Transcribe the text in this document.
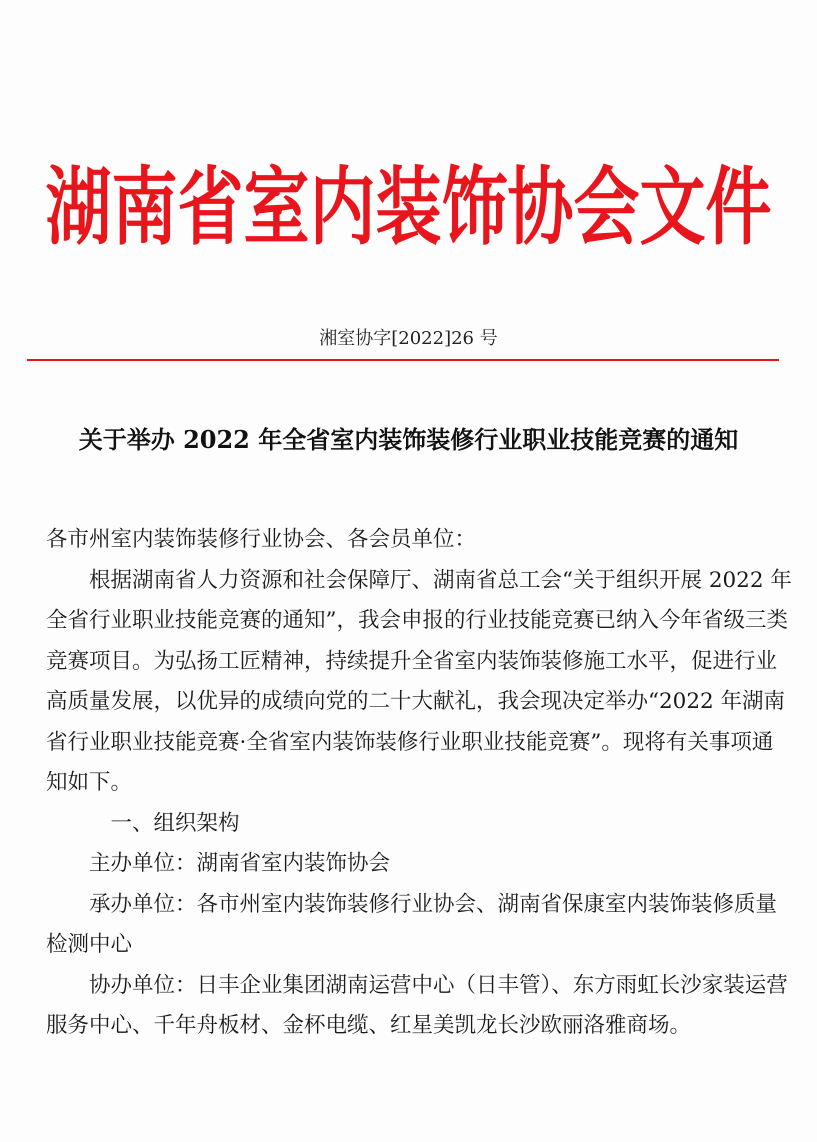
湖南省室内装饰协会文件
湘室协字[2022]26 号
关于举办 2022 年全省室内装饰装修行业职业技能竞赛的通知

各市州室内装饰装修行业协会、各会员单位：

根据湖南省人力资源和社会保障厅、湖南省总工会“关于组织开展 2022 年全省行业职业技能竞赛的通知”，我会申报的行业技能竞赛已纳入今年省级三类竞赛项目。为弘扬工匠精神，持续提升全省室内装饰装修施工水平，促进行业高质量发展，以优异的成绩向党的二十大献礼，我会现决定举办“2022 年湖南省行业职业技能竞赛·全省室内装饰装修行业职业技能竞赛”。现将有关事项通知如下。

一、组织架构

主办单位：湖南省室内装饰协会

承办单位：各市州室内装饰装修行业协会、湖南省保康室内装饰装修质量检测中心

协办单位：日丰企业集团湖南运营中心（日丰管）、东方雨虹长沙家装运营服务中心、千年舟板材、金杯电缆、红星美凯龙长沙欧丽洛雅商场。
